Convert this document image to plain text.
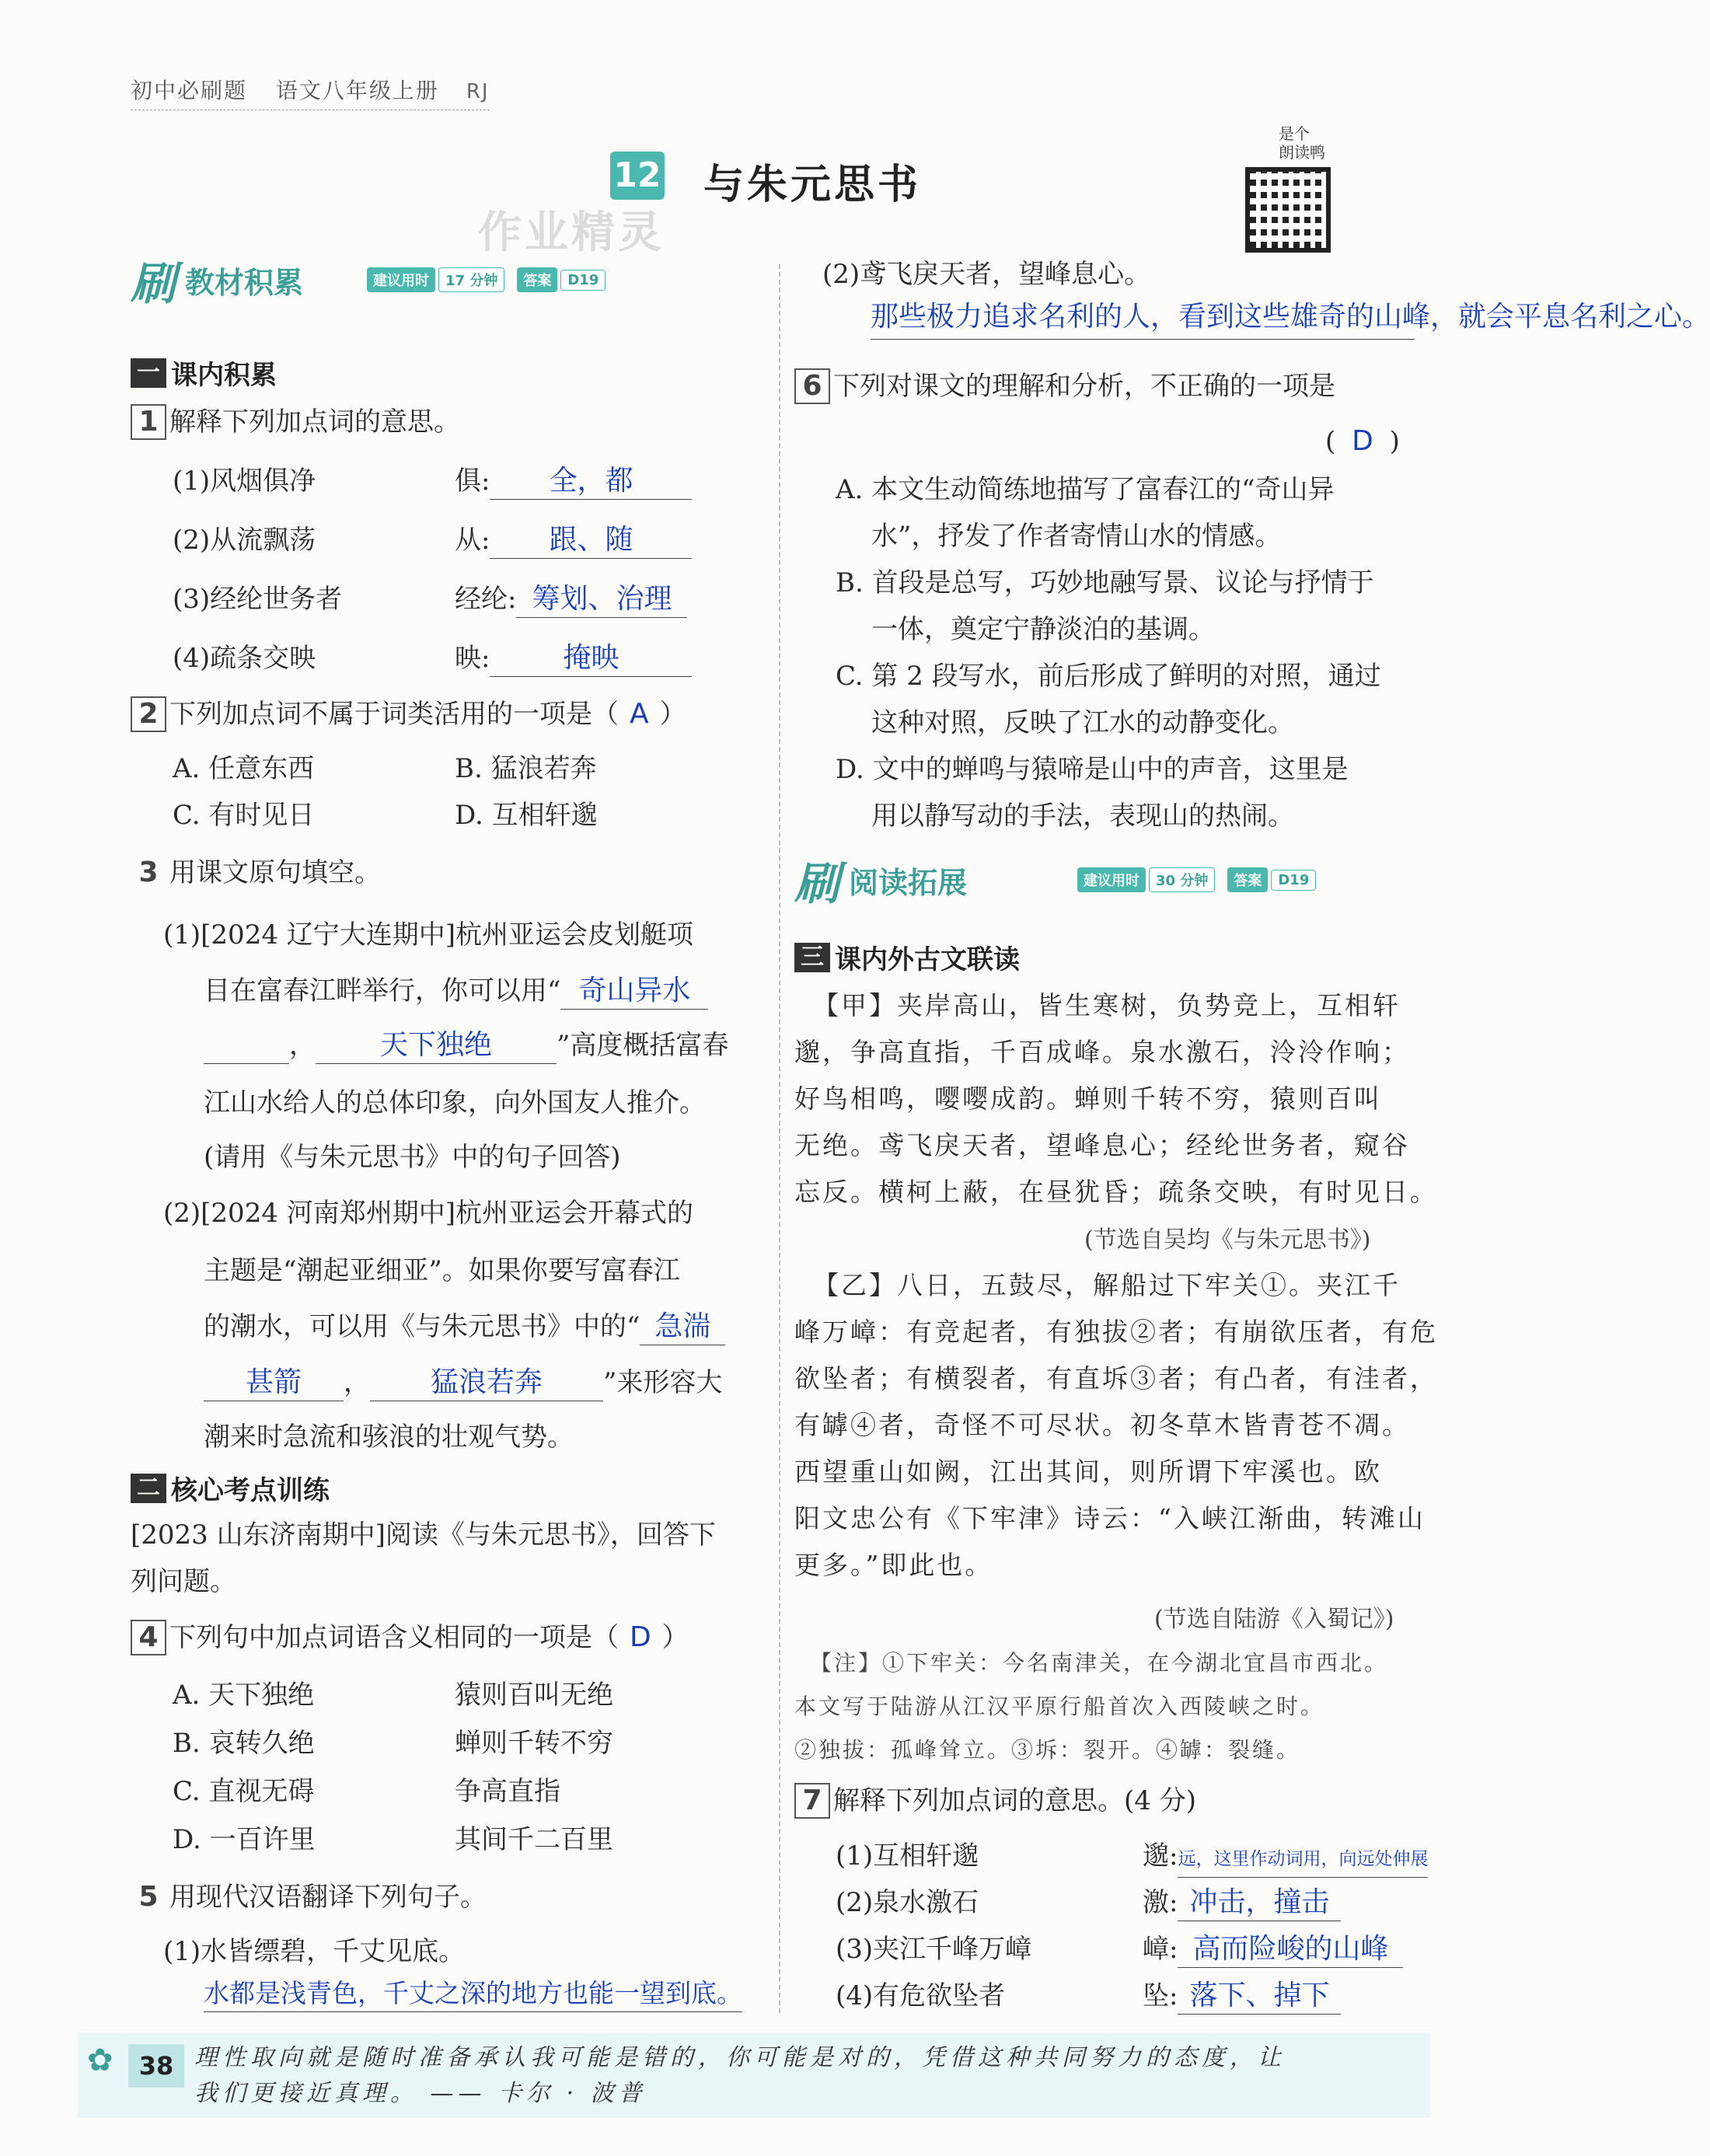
初中必刷题 语文八年级上册 RJ
12 与朱元思书
是个
朗读鸭
作业精灵
刷 教材积累	建议用时	17 分钟	答案	D19
一 课内积累
1 解释下列加点词的意思。
(1)风烟俱净	俱: 全，都
(2)从流飘荡	从: 跟、随
(3)经纶世务者	经纶: 筹划、治理
(4)疏条交映	映:	掩映
2 下列加点词不属于词类活用的一项是（ A ）
A. 任意东西	B. 猛浪若奔
C. 有时见日	D. 互相轩邈
3 用课文原句填空。
(1)[2024 辽宁大连期中]杭州亚运会皮划艇项
目在富春江畔举行，你可以用“ 奇山异水
， 天下独绝 ”高度概括富春
江山水给人的总体印象，向外国友人推介。
(请用《与朱元思书》中的句子回答)
(2)[2024 河南郑州期中]杭州亚运会开幕式的
主题是“潮起亚细亚”。如果你要写富春江
的潮水，可以用《与朱元思书》中的“ 急湍
甚箭 ， 猛浪若奔 ”来形容大
潮来时急流和骇浪的壮观气势。
二 核心考点训练
[2023 山东济南期中]阅读《与朱元思书》，回答下
列问题。
4 下列句中加点词语含义相同的一项是（ D ）
A. 天下独绝	猿则百叫无绝
B. 哀转久绝	蝉则千转不穷
C. 直视无碍	争高直指
D. 一百许里	其间千二百里
5 用现代汉语翻译下列句子。
(1)水皆缥碧，千丈见底。
水都是浅青色，千丈之深的地方也能一望到底。
(2)鸢飞戾天者，望峰息心。
那些极力追求名利的人，看到这些雄奇的山峰，就会平息名利之心。
6 下列对课文的理解和分析，不正确的一项是
( D )
A. 本文生动简练地描写了富春江的“奇山异
水”，抒发了作者寄情山水的情感。
B. 首段是总写，巧妙地融写景、议论与抒情于
一体，奠定宁静淡泊的基调。
C. 第 2 段写水，前后形成了鲜明的对照，通过
这种对照，反映了江水的动静变化。
D. 文中的蝉鸣与猿啼是山中的声音，这里是
用以静写动的手法，表现山的热闹。
刷 阅读拓展	建议用时	30 分钟	答案	D19
三 课内外古文联读
【甲】夹岸高山，皆生寒树，负势竞上，互相轩
邈，争高直指，千百成峰。泉水激石，泠泠作响；
好鸟相鸣，嘤嘤成韵。蝉则千转不穷，猿则百叫
无绝。鸢飞戾天者，望峰息心；经纶世务者，窥谷
忘反。横柯上蔽，在昼犹昏；疏条交映，有时见日。
(节选自吴均《与朱元思书》)
【乙】八日，五鼓尽，解船过下牢关①。夹江千
峰万嶂：有竞起者，有独拔②者；有崩欲压者，有危
欲坠者；有横裂者，有直坼③者；有凸者，有洼者，
有罅④者，奇怪不可尽状。初冬草木皆青苍不凋。
西望重山如阙，江出其间，则所谓下牢溪也。欧
阳文忠公有《下牢津》诗云：“入峡江渐曲，转滩山
更多。”即此也。
(节选自陆游《入蜀记》)
【注】①下牢关：今名南津关，在今湖北宜昌市西北。
本文写于陆游从江汉平原行船首次入西陵峡之时。
②独拔：孤峰耸立。③坼：裂开。④罅：裂缝。
7 解释下列加点词的意思。(4 分)
(1)互相轩邈	邈:远，这里作动词用，向远处伸展
(2)泉水激石	激: 冲击，撞击
(3)夹江千峰万嶂	嶂: 高而险峻的山峰
(4)有危欲坠者	坠: 落下、掉下
✿	38 理性取向就是随时准备承认我可能是错的，你可能是对的，凭借这种共同努力的态度，让
我们更接近真理。 —— 卡尔 · 波普
